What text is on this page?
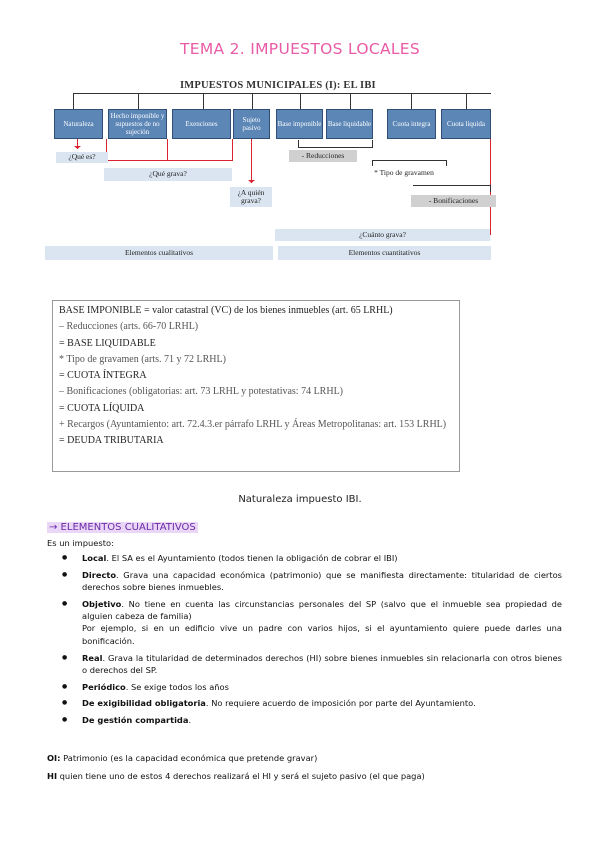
TEMA 2. IMPUESTOS LOCALES
IMPUESTOS MUNICIPALES (I): EL IBI
Naturaleza
Hecho imponible y supuestos de no sujeción
Exenciones	Sujeto pasivo	Base imponible Base liquidable	Cuota integra	Cuota líquida
¿Qué es?
¿Qué grava?
¿A quién grava?
- Reducciones
* Tipo de gravamen
- Bonificaciones
¿Cuánto grava?
Elementos cualitativos	Elementos cuantitativos
BASE IMPONIBLE = valor catastral (VC) de los bienes inmuebles (art. 65 LRHL)
– Reducciones (arts. 66-70 LRHL)
= BASE LIQUIDABLE
* Tipo de gravamen (arts. 71 y 72 LRHL)
= CUOTA ÍNTEGRA
– Bonificaciones (obligatorias: art. 73 LRHL y potestativas: 74 LRHL)
= CUOTA LÍQUIDA
+ Recargos (Ayuntamiento: art. 72.4.3.er párrafo LRHL y Áreas Metropolitanas: art. 153 LRHL)
= DEUDA TRIBUTARIA
Naturaleza impuesto IBI.
→ ELEMENTOS CUALITATIVOS
Es un impuesto:
● Local. El SA es el Ayuntamiento (todos tienen la obligación de cobrar el IBI)
● Directo. Grava una capacidad económica (patrimonio) que se manifiesta directamente: titularidad de ciertos derechos sobre bienes inmuebles.
● Objetivo. No tiene en cuenta las circunstancias personales del SP (salvo que el inmueble sea propiedad de alguien cabeza de familia)
Por ejemplo, si en un edificio vive un padre con varios hijos, si el ayuntamiento quiere puede darles una bonificación.
● Real. Grava la titularidad de determinados derechos (HI) sobre bienes inmuebles sin relacionarla con otros bienes o derechos del SP.
● Periódico. Se exige todos los años
● De exigibilidad obligatoria. No requiere acuerdo de imposición por parte del Ayuntamiento.
● De gestión compartida.
OI: Patrimonio (es la capacidad económica que pretende gravar)
HI quien tiene uno de estos 4 derechos realizará el HI y será el sujeto pasivo (el que paga)
